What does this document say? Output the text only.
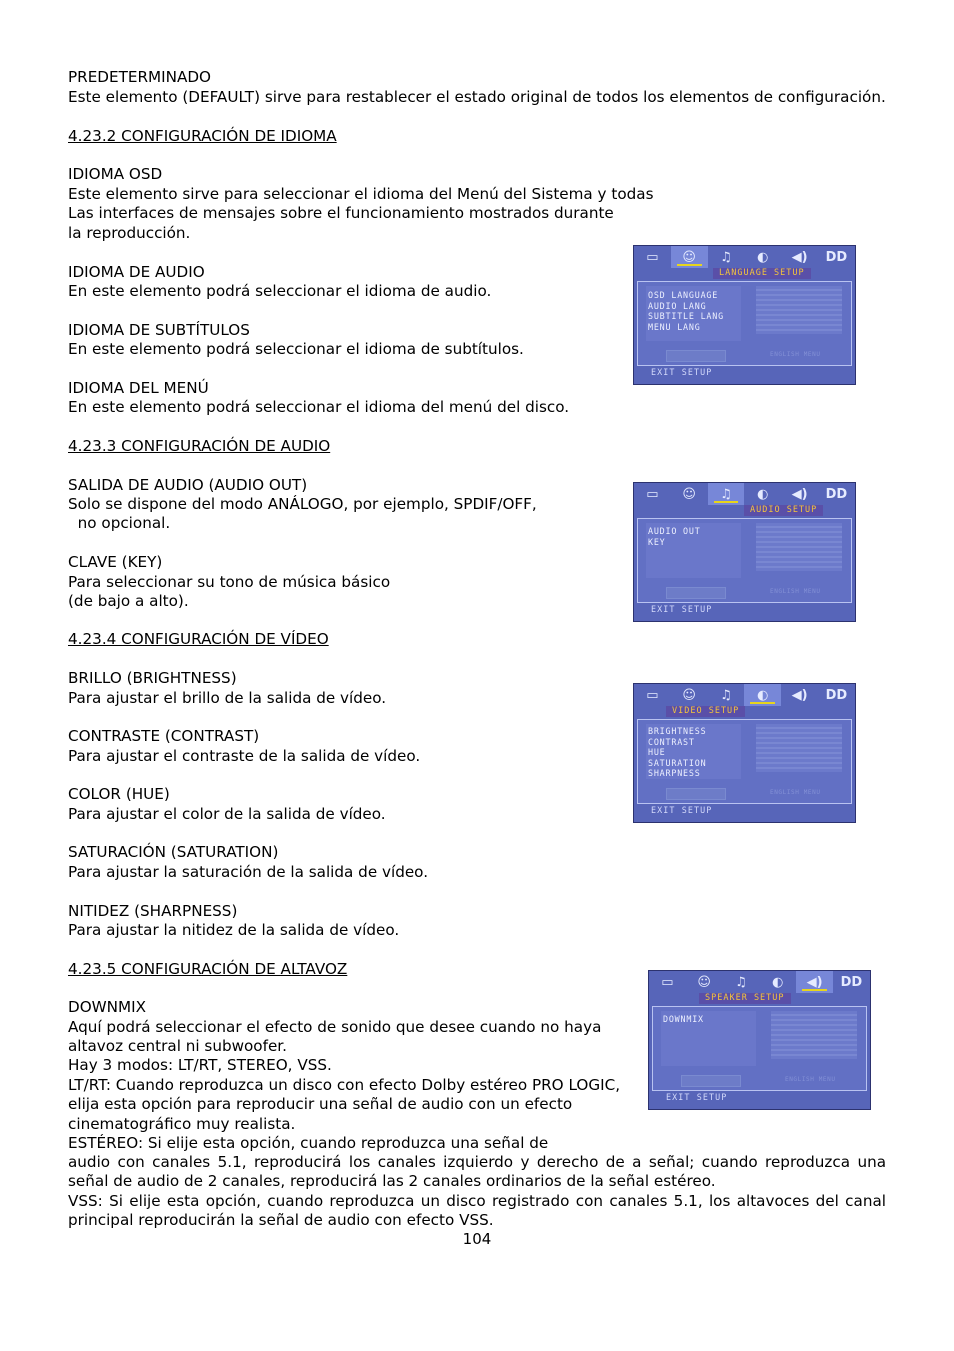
PREDETERMINADO
Este elemento (DEFAULT) sirve para restablecer el estado original de todos los elementos de configuración.
4.23.2 CONFIGURACIÓN DE IDIOMA
IDIOMA OSD
Este elemento sirve para seleccionar el idioma del Menú del Sistema y todas
Las interfaces de mensajes sobre el funcionamiento mostrados durante
la reproducción.
IDIOMA DE AUDIO
En este elemento podrá seleccionar el idioma de audio.
IDIOMA DE SUBTÍTULOS
En este elemento podrá seleccionar el idioma de subtítulos.
IDIOMA DEL MENÚ
En este elemento podrá seleccionar el idioma del menú del disco.
4.23.3 CONFIGURACIÓN DE AUDIO
SALIDA DE AUDIO (AUDIO OUT)
Solo se dispone del modo ANÁLOGO, por ejemplo, SPDIF/OFF,
no opcional.
CLAVE (KEY)
Para seleccionar su tono de música básico
(de bajo a alto).
4.23.4 CONFIGURACIÓN DE VÍDEO
BRILLO (BRIGHTNESS)
Para ajustar el brillo de la salida de vídeo.
CONTRASTE (CONTRAST)
Para ajustar el contraste de la salida de vídeo.
COLOR (HUE)
Para ajustar el color de la salida de vídeo.
SATURACIÓN (SATURATION)
Para ajustar la saturación de la salida de vídeo.
NITIDEZ (SHARPNESS)
Para ajustar la nitidez de la salida de vídeo.
4.23.5 CONFIGURACIÓN DE ALTAVOZ
DOWNMIX
Aquí podrá seleccionar el efecto de sonido que desee cuando no haya
altavoz central ni subwoofer.
Hay 3 modos: LT/RT, STEREO, VSS.
LT/RT: Cuando reproduzca un disco con efecto Dolby estéreo PRO LOGIC,
elija esta opción para reproducir una señal de audio con un efecto
cinematográfico muy realista.
ESTÉREO: Si elije esta opción, cuando reproduzca una señal de
audio con canales 5.1, reproducirá los canales izquierdo y derecho de a señal; cuando reproduzca una señal de audio de 2 canales, reproducirá las 2 canales ordinarios de la señal estéreo.
VSS: Si elije esta opción, cuando reproduzca un disco registrado con canales 5.1, los altavoces del canal principal reproducirán la señal de audio con efecto VSS.
104
▭	☺	♫	◐	◀)	DD
LANGUAGE SETUP
OSD LANGUAGE
AUDIO LANG
SUBTITLE LANG
MENU LANG
ENGLISH MENU
EXIT SETUP
▭	☺	♫	◐	◀)	DD
AUDIO SETUP
AUDIO OUT
KEY
ENGLISH MENU
EXIT SETUP
▭	☺	♫	◐	◀)	DD
VIDEO SETUP
BRIGHTNESS
CONTRAST
HUE
SATURATION
SHARPNESS
ENGLISH MENU
EXIT SETUP
▭	☺	♫	◐	◀)	DD
SPEAKER SETUP
DOWNMIX
ENGLISH MENU
EXIT SETUP
